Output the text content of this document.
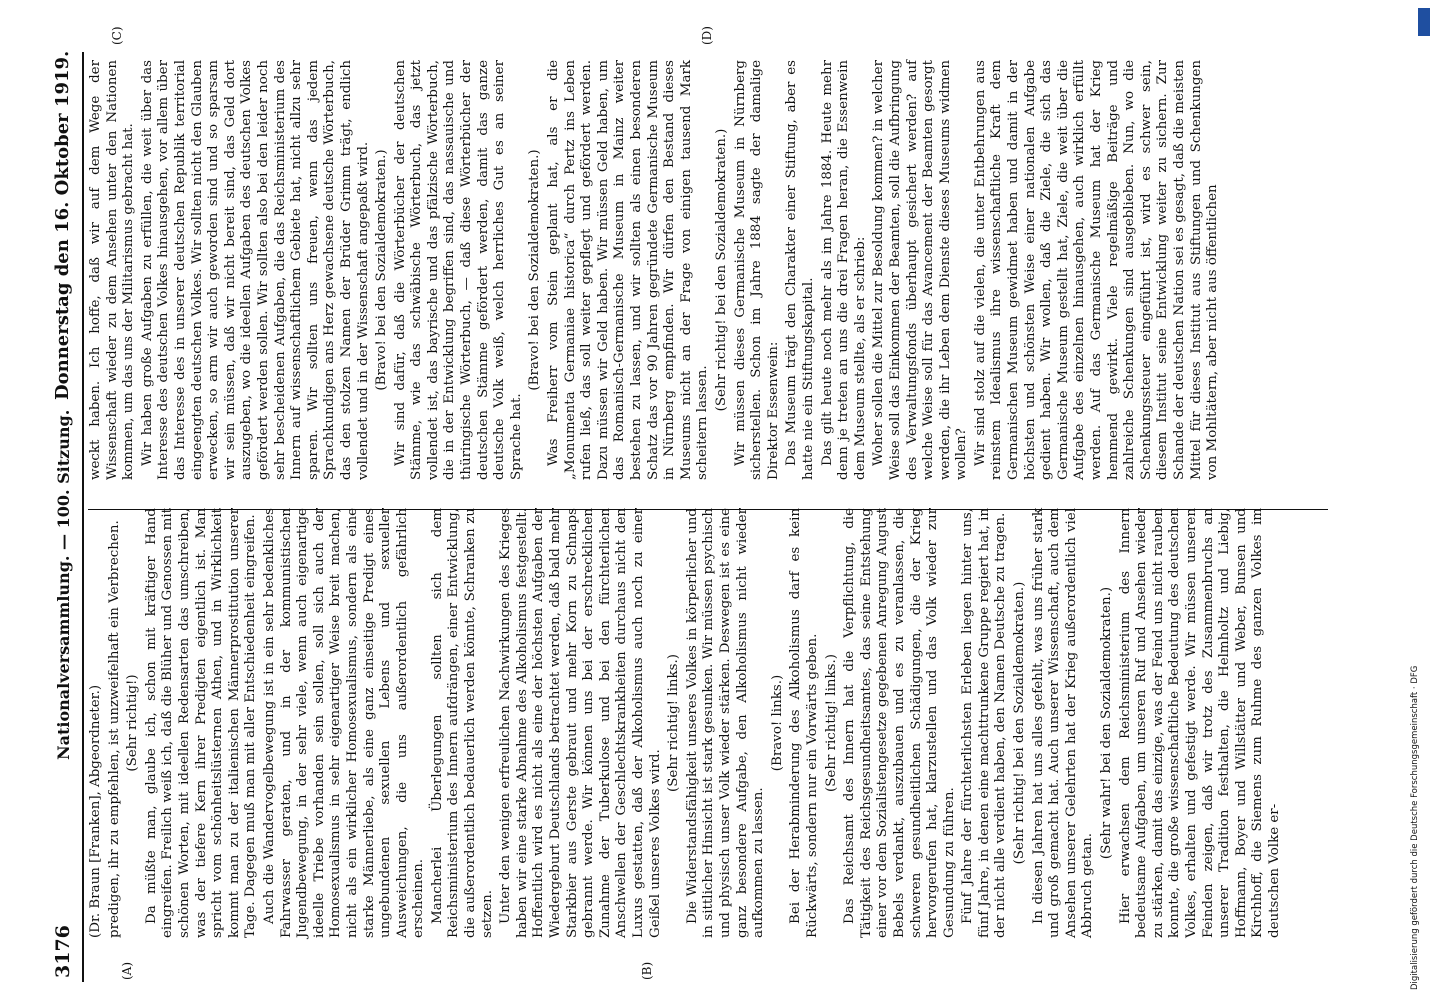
3176
Nationalversammlung. — 100. Sitzung.
Donnerstag den 16. Oktober 1919.
(A)	(B)
(C)	(D)

(Dr. Braun [Franken], Abgeordneter.) predigen, ihr zu empfehlen, ist unzweifelhaft ein Verbrechen. (Sehr richtig!) Da müßte man, glaube ich, schon mit kräftiger Hand eingreifen. Freilich weiß ich, daß die Blüher und Genossen mit schönen Worten, mit ideellen Redensarten das umschreiben, was der tiefere Kern ihrer Predigten eigentlich ist. Man spricht vom schönheitslüsternen Athen, und in Wirklichkeit kommt man zu der italienischen Männerprostitution unserer Tage. Dagegen muß man mit aller Entschiedenheit eingreifen. Auch die Wandervogelbewegung ist in ein sehr bedenkliches Fahrwasser geraten, und in der kommunistischen Jugendbewegung, in der sehr viele, wenn auch eigenartige ideelle Triebe vorhanden sein sollen, soll sich auch der Homosexualismus in sehr eigenartiger Weise breit machen, nicht als ein wirklicher Homosexualismus, sondern als eine starke Männerliebe, als eine ganz einseitige Predigt eines ungebundenen sexuellen Lebens und sexueller Ausweichungen, die uns außerordentlich gefährlich erscheinen. Mancherlei Überlegungen sollten sich dem Reichsministerium des Innern aufdrängen, einer Entwicklung, die außerordentlich bedauerlich werden könnte, Schranken zu setzen. Unter den wenigen erfreulichen Nachwirkungen des Krieges haben wir eine starke Abnahme des Alkoholismus festgestellt. Hoffentlich wird es nicht als eine der höchsten Aufgaben der Wiedergeburt Deutschlands betrachtet werden, daß bald mehr Starkbier aus Gerste gebraut und mehr Korn zu Schnaps gebrannt werde. Wir können uns bei der erschrecklichen Zunahme der Tuberkulose und bei den fürchterlichen Anschwellen der Geschlechtskrankheiten durchaus nicht den Luxus gestatten, daß der Alkoholismus auch noch zu einer Geißel unseres Volkes wird.

(Sehr richtig! links.) Die Widerstandsfähigkeit unseres Volkes in körperlicher und in sittlicher Hinsicht ist stark gesunken. Wir müssen psychisch und physisch unser Volk wieder stärken. Deswegen ist es eine ganz besondere Aufgabe, den Alkoholismus nicht wieder aufkommen zu lassen.

(Bravo! links.) Bei der Herabminderung des Alkoholismus darf es kein Rückwärts, sondern nur ein Vorwärts geben. (Sehr richtig! links.) Das Reichsamt des Innern hat die Verpflichtung, die Tätigkeit des Reichsgesundheitsamtes, das seine Entstehung einer vor dem Sozialistengesetze gegebenen Anregung August Bebels verdankt, auszubauen und es zu veranlassen, die schweren gesundheitlichen Schädigungen, die der Krieg hervorgerufen hat, klarzustellen und das Volk wieder zur Gesundung zu führen. Fünf Jahre der fürchterlichsten Erleben liegen hinter uns, fünf Jahre, in denen eine machttrunkene Gruppe regiert hat, in der nicht alle verdient haben, den Namen Deutsche zu tragen. (Sehr richtig! bei den Sozialdemokraten.) In diesen Jahren hat uns alles gefehlt, was uns früher stark und groß gemacht hat. Auch unserer Wissenschaft, auch dem Ansehen unserer Gelehrten hat der Krieg außerordentlich viel Abbruch getan.

(Sehr wahr! bei den Sozialdemokraten.) Hier erwachsen dem Reichsministerium des Innern bedeutsame Aufgaben, um unseren Ruf und Ansehen wieder zu stärken, damit das einzige, was der Feind uns nicht rauben konnte, die große wissenschaftliche Bedeutung des deutschen Volkes, erhalten und gefestigt werde. Wir müssen unseren Feinden zeigen, daß wir trotz des Zusammenbruchs an unserer Tradition festhalten, die Helmholtz und Liebig, Hoffmann, Boyer und Willstätter und Weber, Bunsen und Kirchhoff, die Siemens zum Ruhme des ganzen Volkes im deutschen Volke er-

weckt haben. Ich hoffe, daß wir auf dem Wege der Wissenschaft wieder zu dem Ansehen unter den Nationen kommen, um das uns der Militarismus gebracht hat. Wir haben große Aufgaben zu erfüllen, die weit über das Interesse des deutschen Volkes hinausgehen, vor allem über das Interesse des in unserer deutschen Republik territorial eingeengten deutschen Volkes. Wir sollten nicht den Glauben erwecken, so arm wir auch geworden sind und so sparsam wir sein müssen, daß wir nicht bereit sind, das Geld dort auszugeben, wo die ideellen Aufgaben des deutschen Volkes gefördert werden sollen. Wir sollten also bei den leider noch sehr bescheidenen Aufgaben, die das Reichsministerium des Innern auf wissenschaftlichem Gebiete hat, nicht allzu sehr sparen. Wir sollten uns freuen, wenn das jedem Sprachkundigen ans Herz gewachsene deutsche Wörterbuch, das den stolzen Namen der Brüder Grimm trägt, endlich vollendet und in der Wissenschaft angepaßt wird. (Bravo! bei den Sozialdemokraten.) Wir sind dafür, daß die Wörterbücher der deutschen Stämme, wie das schwäbische Wörterbuch, das jetzt vollendet ist, das bayrische und das pfälzische Wörterbuch, die in der Entwicklung begriffen sind, das nassauische und thüringische Wörterbuch, — daß diese Wörterbücher der deutschen Stämme gefördert werden, damit das ganze deutsche Volk weiß, welch herrliches Gut es an seiner Sprache hat.

(Bravo! bei den Sozialdemokraten.) Was Freiherr vom Stein geplant hat, als er die „Monumenta Germaniae historica“ durch Pertz ins Leben rufen ließ, das soll weiter gepflegt und gefördert werden. Dazu müssen wir Geld haben. Wir müssen Geld haben, um das Romanisch-Germanische Museum in Mainz weiter bestehen zu lassen, und wir sollten als einen besonderen Schatz das vor 90 Jahren gegründete Germanische Museum in Nürnberg empfinden. Wir dürfen den Bestand dieses Museums nicht an der Frage von einigen tausend Mark scheitern lassen.

(Sehr richtig! bei den Sozialdemokraten.) Wir müssen dieses Germanische Museum in Nürnberg sicherstellen. Schon im Jahre 1884 sagte der damalige Direktor Essenwein: Das Museum trägt den Charakter einer Stiftung, aber es hatte nie ein Stiftungskapital. Das gilt heute noch mehr als im Jahre 1884. Heute mehr denn je treten an uns die drei Fragen heran, die Essenwein dem Museum stellte, als er schrieb: Woher sollen die Mittel zur Besoldung kommen? in welcher Weise soll das Einkommen der Beamten, soll die Aufbringung des Verwaltungsfonds überhaupt gesichert werden? auf welche Weise soll für das Avancement der Beamten gesorgt werden, die ihr Leben dem Dienste dieses Museums widmen wollen? Wir sind stolz auf die vielen, die unter Entbehrungen aus reinstem Idealismus ihre wissenschaftliche Kraft dem Germanischen Museum gewidmet haben und damit in der höchsten und schönsten Weise einer nationalen Aufgabe gedient haben. Wir wollen, daß die Ziele, die sich das Germanische Museum gestellt hat, Ziele, die weit über die Aufgabe des einzelnen hinausgehen, auch wirklich erfüllt werden. Auf das Germanische Museum hat der Krieg hemmend gewirkt. Viele regelmäßige Beiträge und zahlreiche Schenkungen sind ausgeblieben. Nun, wo die Schenkungssteuer eingeführt ist, wird es schwer sein, diesem Institut seine Entwicklung weiter zu sichern. Zur Schande der deutschen Nation sei es gesagt, daß die meisten Mittel für dieses Institut aus Stiftungen und Schenkungen von Mohltätern, aber nicht aus öffentlichen

Digitalisierung gefördert durch die Deutsche Forschungsgemeinschaft · DFG
